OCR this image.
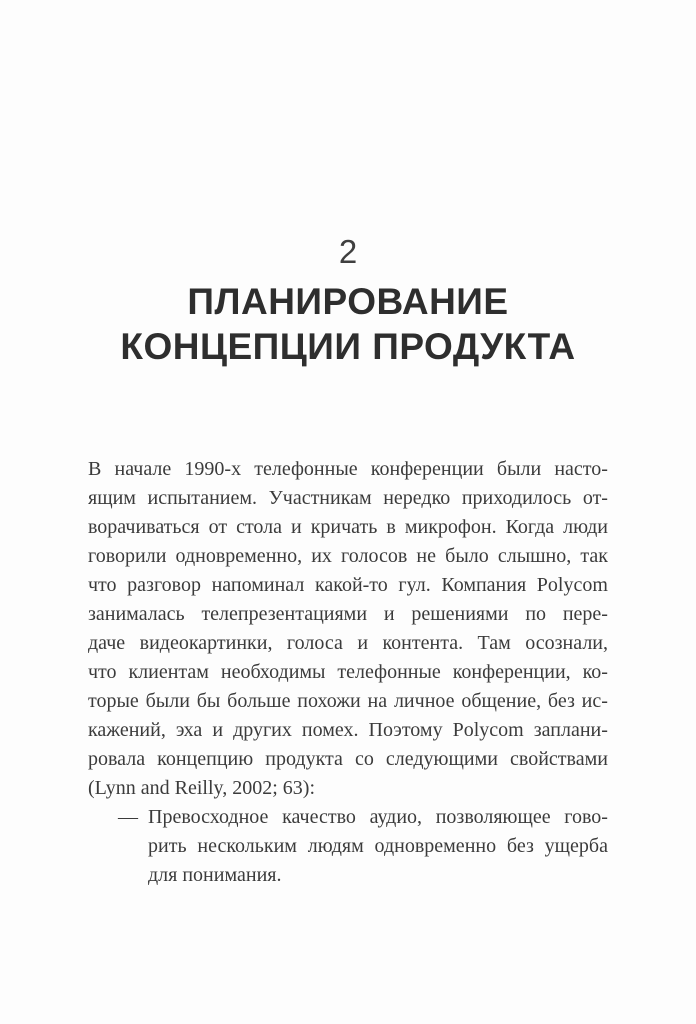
2
ПЛАНИРОВАНИЕ
КОНЦЕПЦИИ ПРОДУКТА
В начале 1990-х телефонные конференции были насто-
ящим испытанием. Участникам нередко приходилось от-
ворачиваться от стола и кричать в микрофон. Когда люди
говорили одновременно, их голосов не было слышно, так
что разговор напоминал какой-то гул. Компания Polycom
занималась телепрезентациями и решениями по пере-
даче видеокартинки, голоса и контента. Там осознали,
что клиентам необходимы телефонные конференции, ко-
торые были бы больше похожи на личное общение, без ис-
кажений, эха и других помех. Поэтому Polycom заплани-
ровала концепцию продукта со следующими свойствами
(Lynn and Reilly, 2002; 63):
— Превосходное качество аудио, позволяющее гово-
рить нескольким людям одновременно без ущерба
для понимания.
